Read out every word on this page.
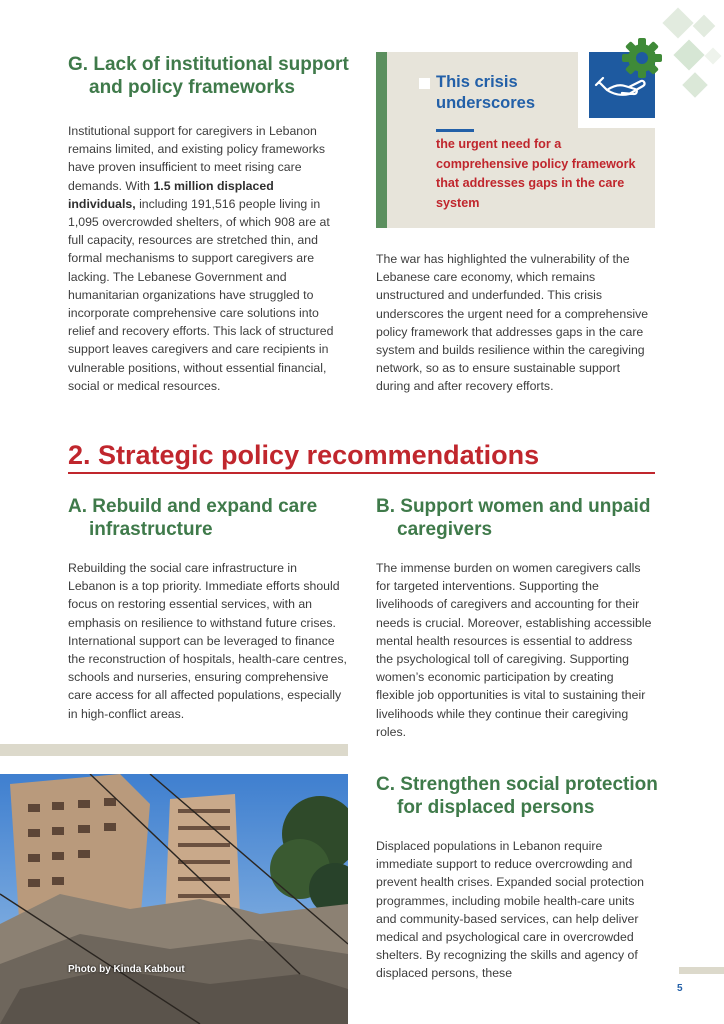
G. Lack of institutional support
and policy frameworks
Institutional support for caregivers in Lebanon remains limited, and existing policy frameworks have proven insufficient to meet rising care demands. With 1.5 million displaced individuals, including 191,516 people living in 1,095 overcrowded shelters, of which 908 are at full capacity, resources are stretched thin, and formal mechanisms to support caregivers are lacking. The Lebanese Government and humanitarian organizations have struggled to incorporate comprehensive care solutions into relief and recovery efforts. This lack of structured support leaves caregivers and care recipients in vulnerable positions, without essential financial, social or medical resources.
This crisis underscores
the urgent need for a comprehensive policy framework that addresses gaps in the care system
The war has highlighted the vulnerability of the Lebanese care economy, which remains unstructured and underfunded. This crisis underscores the urgent need for a comprehensive policy framework that addresses gaps in the care system and builds resilience within the caregiving network, so as to ensure sustainable support during and after recovery efforts.
2. Strategic policy recommendations
A. Rebuild and expand care
infrastructure
Rebuilding the social care infrastructure in Lebanon is a top priority. Immediate efforts should focus on restoring essential services, with an emphasis on resilience to withstand future crises. International support can be leveraged to finance the reconstruction of hospitals, health-care centres, schools and nurseries, ensuring comprehensive care access for all affected populations, especially in high-conflict areas.
B. Support women and unpaid
caregivers
The immense burden on women caregivers calls for targeted interventions. Supporting the livelihoods of caregivers and accounting for their needs is crucial. Moreover, establishing accessible mental health resources is essential to address the psychological toll of caregiving. Supporting women’s economic participation by creating flexible job opportunities is vital to sustaining their livelihoods while they continue their caregiving roles.
Photo by Kinda Kabbout
C. Strengthen social protection
for displaced persons
Displaced populations in Lebanon require immediate support to reduce overcrowding and prevent health crises. Expanded social protection programmes, including mobile health-care units and community-based services, can help deliver medical and psychological care in overcrowded shelters. By recognizing the skills and agency of displaced persons, these
5
